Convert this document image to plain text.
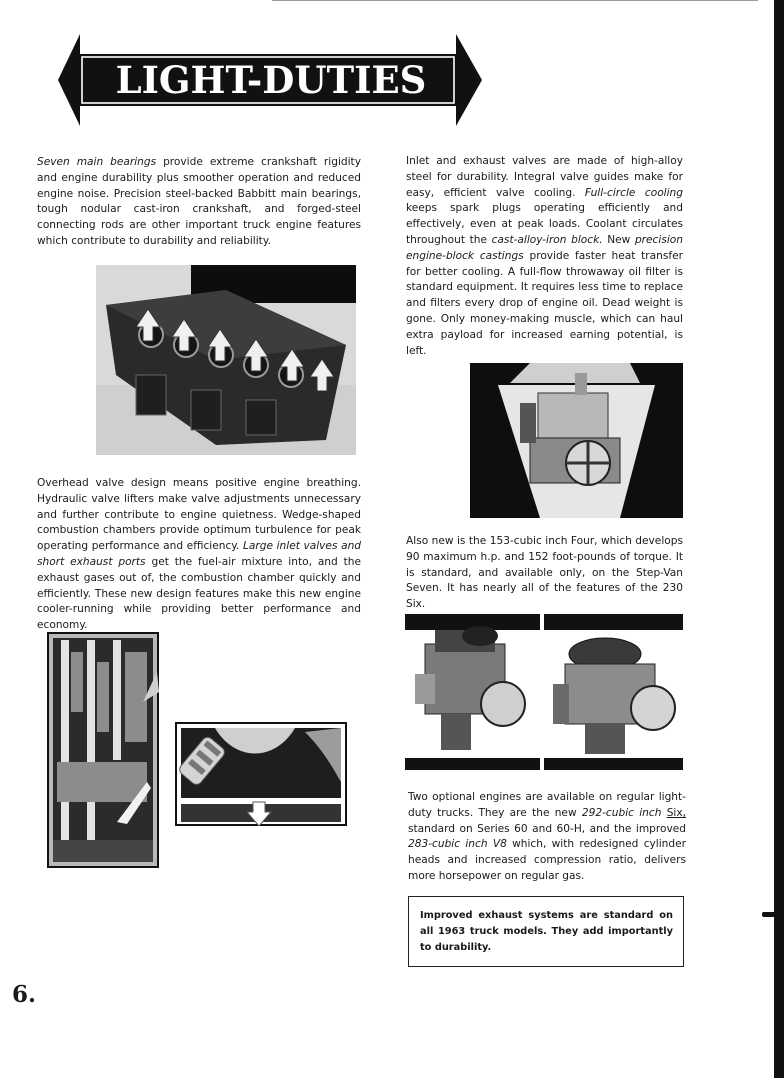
LIGHT-DUTIES
Seven main bearings provide extreme crankshaft rigidity and engine durability plus smoother operation and reduced engine noise. Precision steel-backed Babbitt main bearings, tough nodular cast-iron crankshaft, and forged-steel connecting rods are other important truck engine features which contribute to durability and reliability.
Overhead valve design means positive engine breathing. Hydraulic valve lifters make valve adjustments unnecessary and further contribute to engine quietness. Wedge-shaped combustion chambers provide optimum turbulence for peak operating performance and efficiency. Large inlet valves and short exhaust ports get the fuel-air mixture into, and the exhaust gases out of, the combustion chamber quickly and efficiently. These new design features make this new engine cooler-running while providing better performance and economy.
Inlet and exhaust valves are made of high-alloy steel for durability. Integral valve guides make for easy, efficient valve cooling. Full-circle cooling keeps spark plugs operating efficiently and effectively, even at peak loads. Coolant circulates throughout the cast-alloy-iron block. New precision engine-block castings provide faster heat transfer for better cooling. A full-flow throwaway oil filter is standard equipment. It requires less time to replace and filters every drop of engine oil. Dead weight is gone. Only money-making muscle, which can haul extra payload for increased earning potential, is left.
Also new is the 153-cubic inch Four, which develops 90 maximum h.p. and 152 foot-pounds of torque. It is standard, and available only, on the Step-Van Seven. It has nearly all of the features of the 230 Six.
Two optional engines are available on regular light-duty trucks. They are the new 292-cubic inch Six, standard on Series 60 and 60-H, and the improved 283-cubic inch V8 which, with redesigned cylinder heads and increased compression ratio, delivers more horsepower on regular gas.
Improved exhaust systems are standard on all 1963 truck models. They add importantly to durability.
6.
